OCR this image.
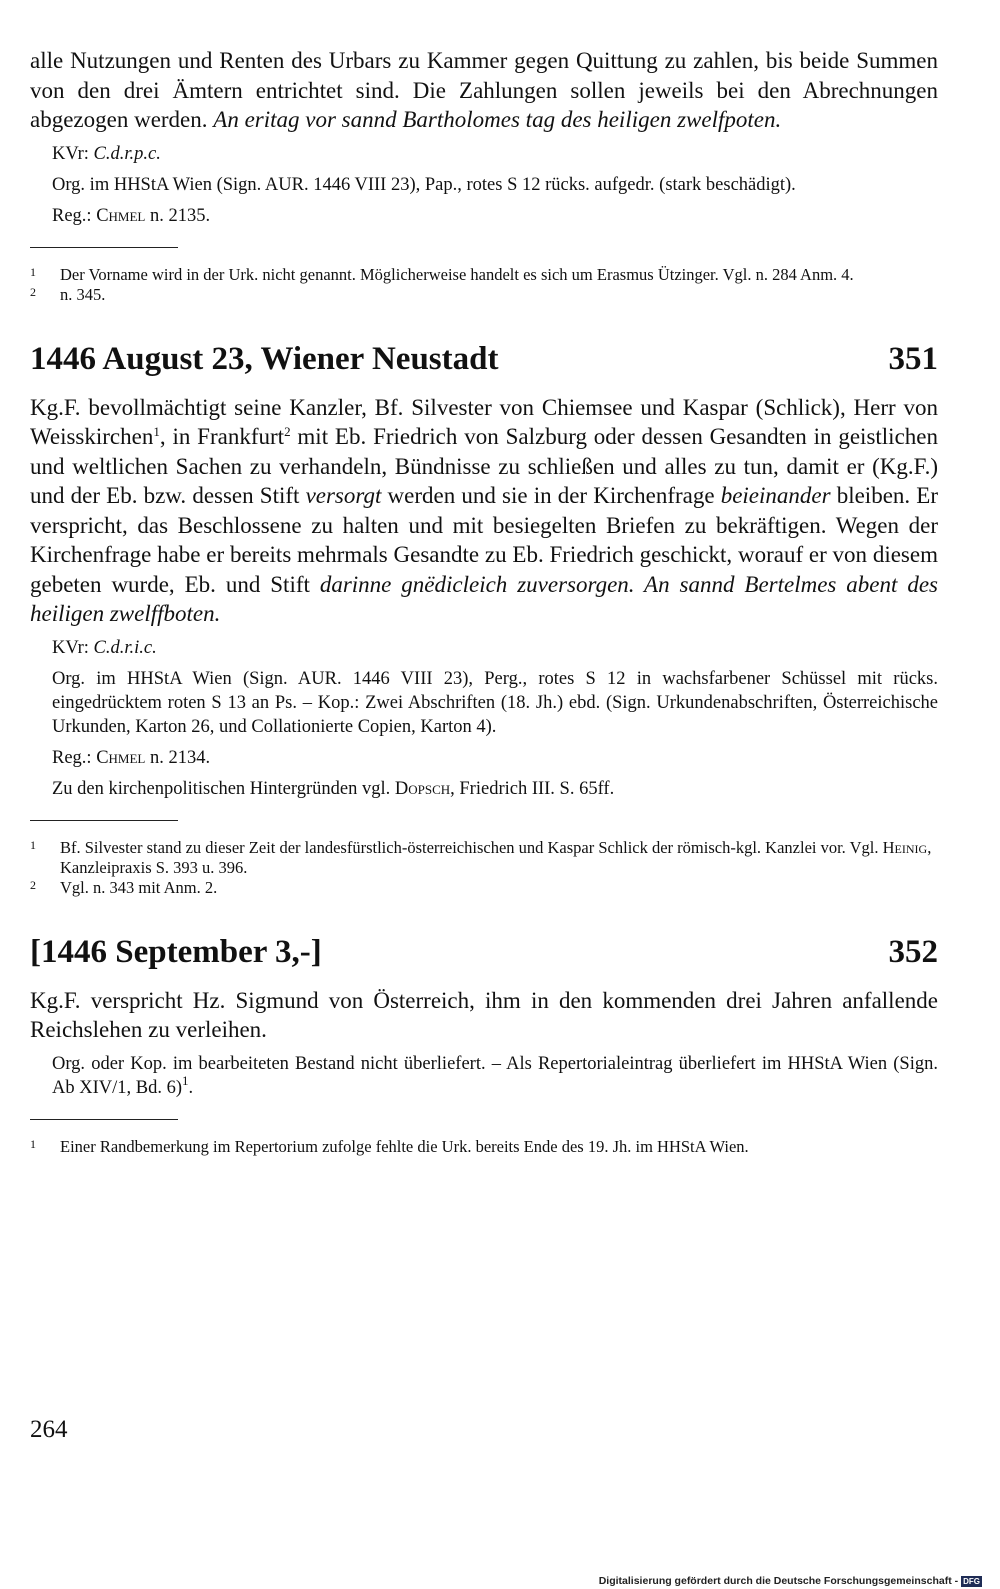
alle Nutzungen und Renten des Urbars zu Kammer gegen Quittung zu zahlen, bis beide Summen von den drei Ämtern entrichtet sind. Die Zahlungen sollen jeweils bei den Abrechnungen abgezogen werden. An eritag vor sannd Bartholomes tag des heiligen zwelfpoten.

KVr: C.d.r.p.c.

Org. im HHStA Wien (Sign. AUR. 1446 VIII 23), Pap., rotes S 12 rücks. aufgedr. (stark beschädigt).

Reg.: Chmel n. 2135.

1 Der Vorname wird in der Urk. nicht genannt. Möglicherweise handelt es sich um Erasmus Ützinger. Vgl. n. 284 Anm. 4.

2 n. 345.

1446 August 23, Wiener Neustadt	351

Kg.F. bevollmächtigt seine Kanzler, Bf. Silvester von Chiemsee und Kaspar (Schlick), Herr von Weisskirchen$^1$, in Frankfurt$^2$ mit Eb. Friedrich von Salzburg oder dessen Gesandten in geistlichen und weltlichen Sachen zu verhandeln, Bündnisse zu schließen und alles zu tun, damit er (Kg.F.) und der Eb. bzw. dessen Stift versorgt werden und sie in der Kirchenfrage beieinander bleiben. Er verspricht, das Beschlossene zu halten und mit besiegelten Briefen zu bekräftigen. Wegen der Kirchenfrage habe er bereits mehrmals Gesandte zu Eb. Friedrich geschickt, worauf er von diesem gebeten wurde, Eb. und Stift darinne gnëdicleich zuversorgen. An sannd Bertelmes abent des heiligen zwelffboten.

KVr: C.d.r.i.c.

Org. im HHStA Wien (Sign. AUR. 1446 VIII 23), Perg., rotes S 12 in wachsfarbener Schüssel mit rücks. eingedrücktem roten S 13 an Ps. – Kop.: Zwei Abschriften (18. Jh.) ebd. (Sign. Urkundenabschriften, Österreichische Urkunden, Karton 26, und Collationierte Copien, Karton 4).

Reg.: Chmel n. 2134.

Zu den kirchenpolitischen Hintergründen vgl. Dopsch, Friedrich III. S. 65ff.

1 Bf. Silvester stand zu dieser Zeit der landesfürstlich-österreichischen und Kaspar Schlick der römisch-kgl. Kanzlei vor. Vgl. Heinig, Kanzleipraxis S. 393 u. 396.

2 Vgl. n. 343 mit Anm. 2.

[1446 September 3,-]	352

Kg.F. verspricht Hz. Sigmund von Österreich, ihm in den kommenden drei Jahren anfallende Reichslehen zu verleihen.

Org. oder Kop. im bearbeiteten Bestand nicht überliefert. – Als Repertorialeintrag überliefert im HHStA Wien (Sign. Ab XIV/1, Bd. 6)$^1$.

1 Einer Randbemerkung im Repertorium zufolge fehlte die Urk. bereits Ende des 19. Jh. im HHStA Wien.

264
Digitalisierung gefördert durch die Deutsche Forschungsgemeinschaft - DFG
